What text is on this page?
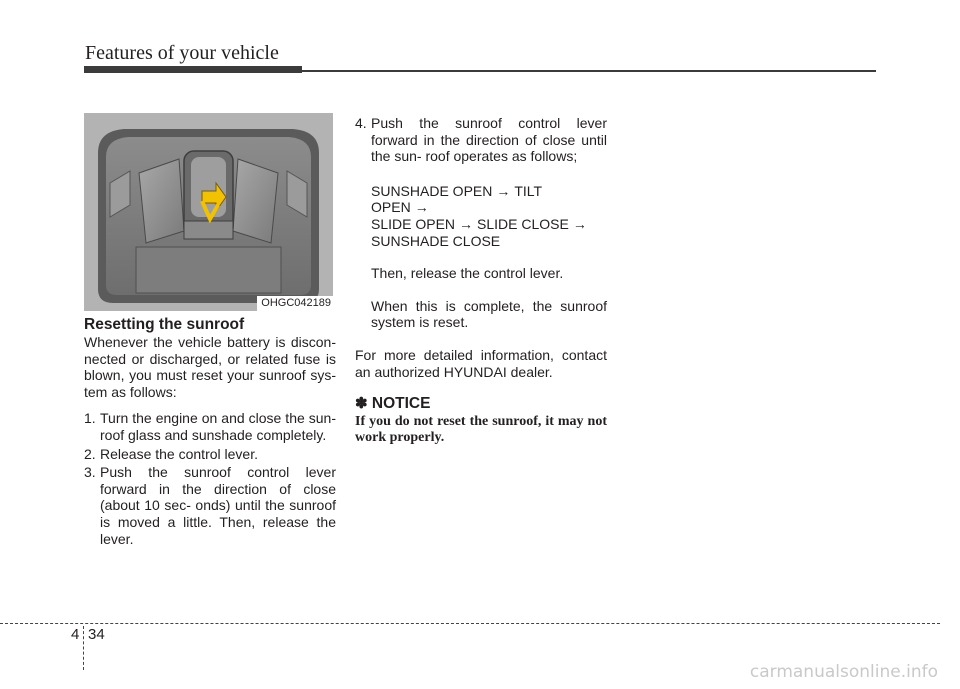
Features of your vehicle
OHGC042189

Resetting the sunroof

Whenever the vehicle battery is discon- nected or discharged, or related fuse is blown, you must reset your sunroof sys- tem as follows:

1. Turn the engine on and close the sun- roof glass and sunshade completely.
2. Release the control lever.
3. Push the sunroof control lever forward in the direction of close (about 10 sec- onds) until the sunroof is moved a little. Then, release the lever.
4. Push the sunroof control lever forward in the direction of close until the sun- roof operates as follows;

SUNSHADE OPEN → TILT OPEN →
SLIDE OPEN → SLIDE CLOSE →
SUNSHADE CLOSE

Then, release the control lever.

When this is complete, the sunroof system is reset.

For more detailed information, contact an authorized HYUNDAI dealer.

✽ NOTICE

If you do not reset the sunroof, it may not work properly.

4 34
carmanualsonline.info
